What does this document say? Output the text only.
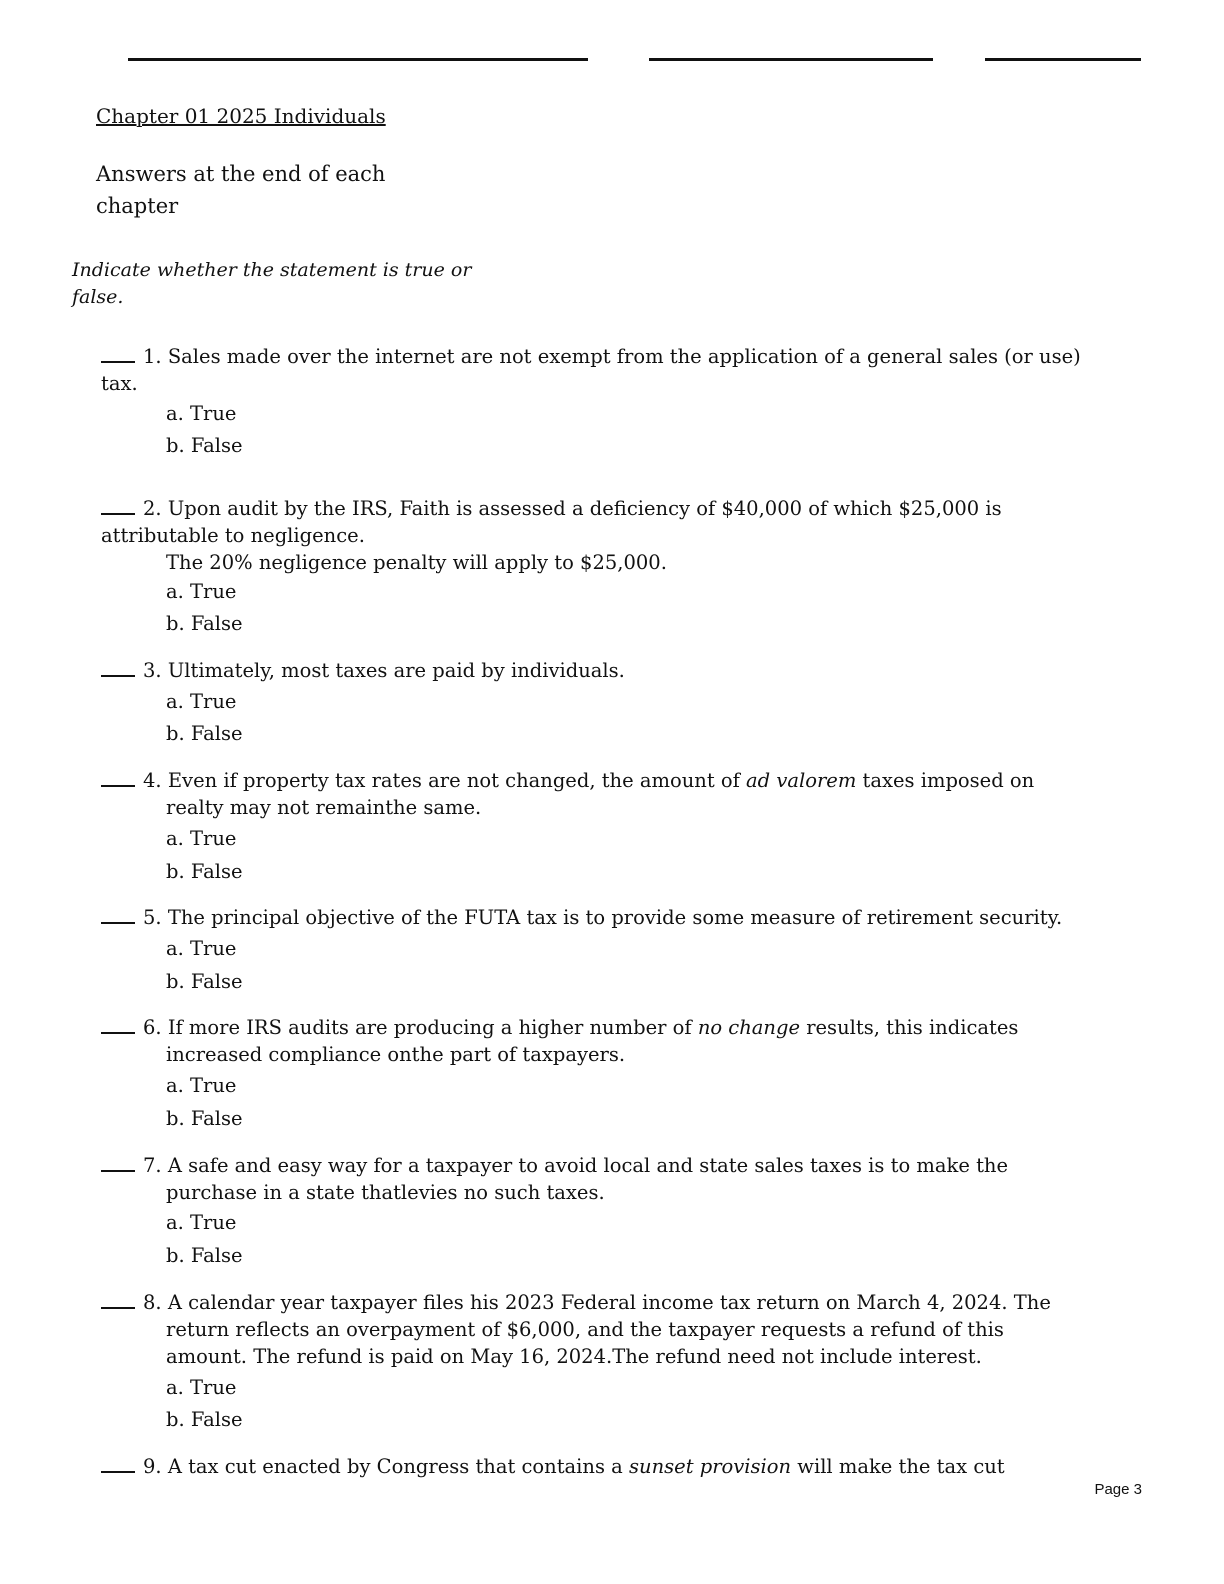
Chapter 01 2025 Individuals
Answers at the end of each chapter
Indicate whether the statement is true or false.
1. Sales made over the internet are not exempt from the application of a general sales (or use)
tax.
a. True
b. False
2. Upon audit by the IRS, Faith is assessed a deficiency of $40,000 of which $25,000 is
attributable to negligence.
The 20% negligence penalty will apply to $25,000.
a. True
b. False
3. Ultimately, most taxes are paid by individuals.
a. True
b. False
4. Even if property tax rates are not changed, the amount of ad valorem taxes imposed on
realty may not remainthe same.
a. True
b. False
5. The principal objective of the FUTA tax is to provide some measure of retirement security.
a. True
b. False
6. If more IRS audits are producing a higher number of no change results, this indicates
increased compliance onthe part of taxpayers.
a. True
b. False
7. A safe and easy way for a taxpayer to avoid local and state sales taxes is to make the
purchase in a state thatlevies no such taxes.
a. True
b. False
8. A calendar year taxpayer files his 2023 Federal income tax return on March 4, 2024. The
return reflects an overpayment of $6,000, and the taxpayer requests a refund of this
amount. The refund is paid on May 16, 2024.The refund need not include interest.
a. True
b. False
9. A tax cut enacted by Congress that contains a sunset provision will make the tax cut
Page 3
